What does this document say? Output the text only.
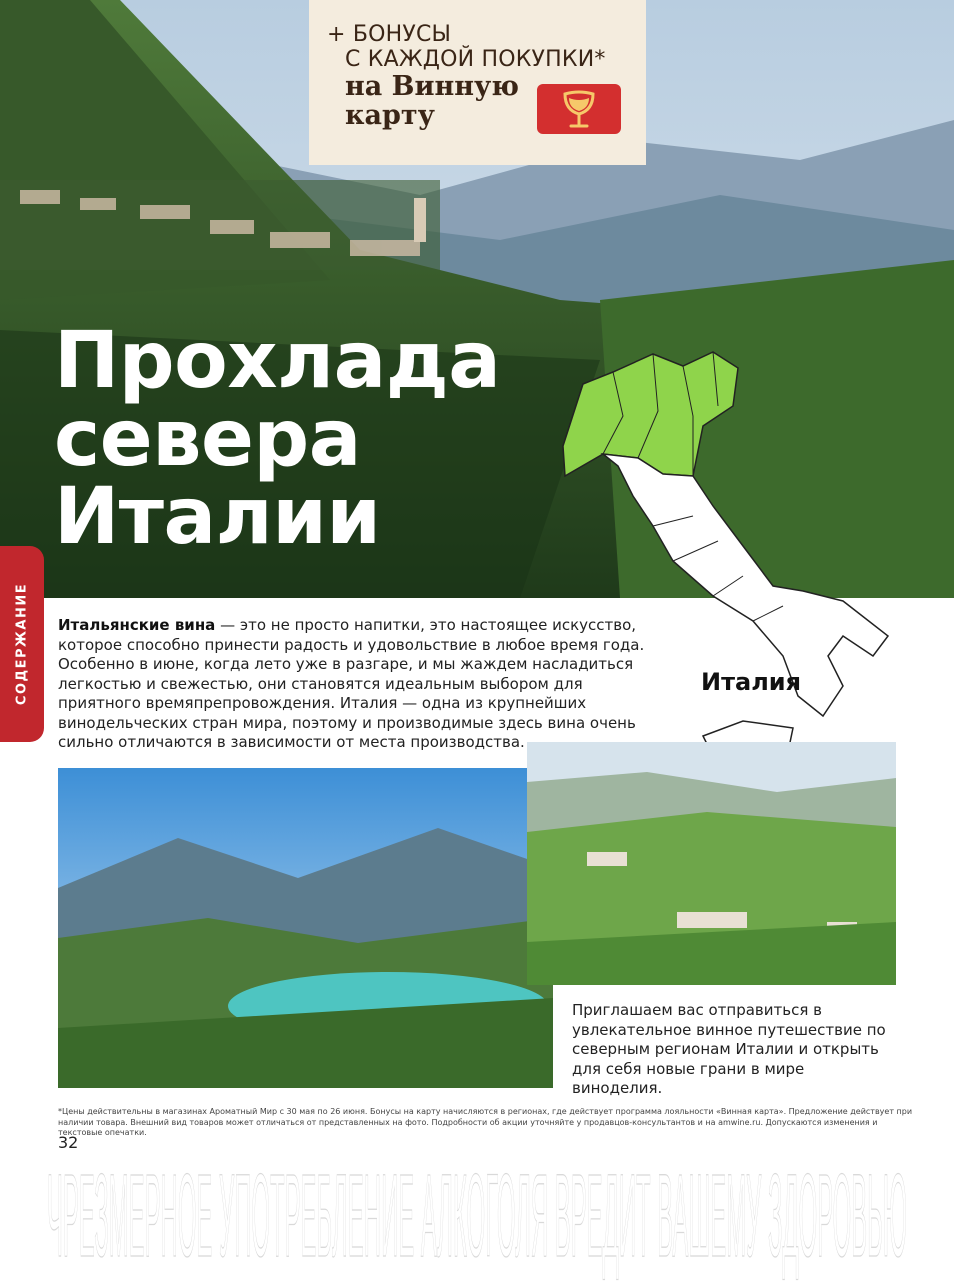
+ БОНУСЫ
С КАЖДОЙ ПОКУПКИ*
на Винную
карту
Прохлада
севера
Италии
СОДЕРЖАНИЕ Итальянские вина — это не просто напитки, это настоящее искусство, которое способно принести радость и удовольствие в любое время года. Особенно в июне, когда лето уже в разгаре, и мы жаждем насладиться легкостью и свежестью, они становятся идеальным выбором для приятного времяпрепровождения. Италия — одна из крупнейших винодельческих стран мира, поэтому и производимые здесь вина очень сильно отличаются в зависимости от места производства.

Италия

Приглашаем вас отправиться в увлекательное винное путешествие по северным регионам Италии и открыть для себя новые грани в мире виноделия.

*Цены действительны в магазинах Ароматный Мир с 30 мая по 26 июня. Бонусы на карту начисляются в регионах, где действует программа лояльности «Винная карта». Предложение действует при наличии товара. Внешний вид товаров может отличаться от представленных на фото. Подробности об акции уточняйте у продавцов-консультантов и на amwine.ru. Допускаются изменения и текстовые опечатки.

32
ЧРЕЗМЕРНОЕ УПОТРЕБЛЕНИЕ АЛКОГОЛЯ ВРЕДИТ ВАШЕМУ ЗДОРОВЬЮ
